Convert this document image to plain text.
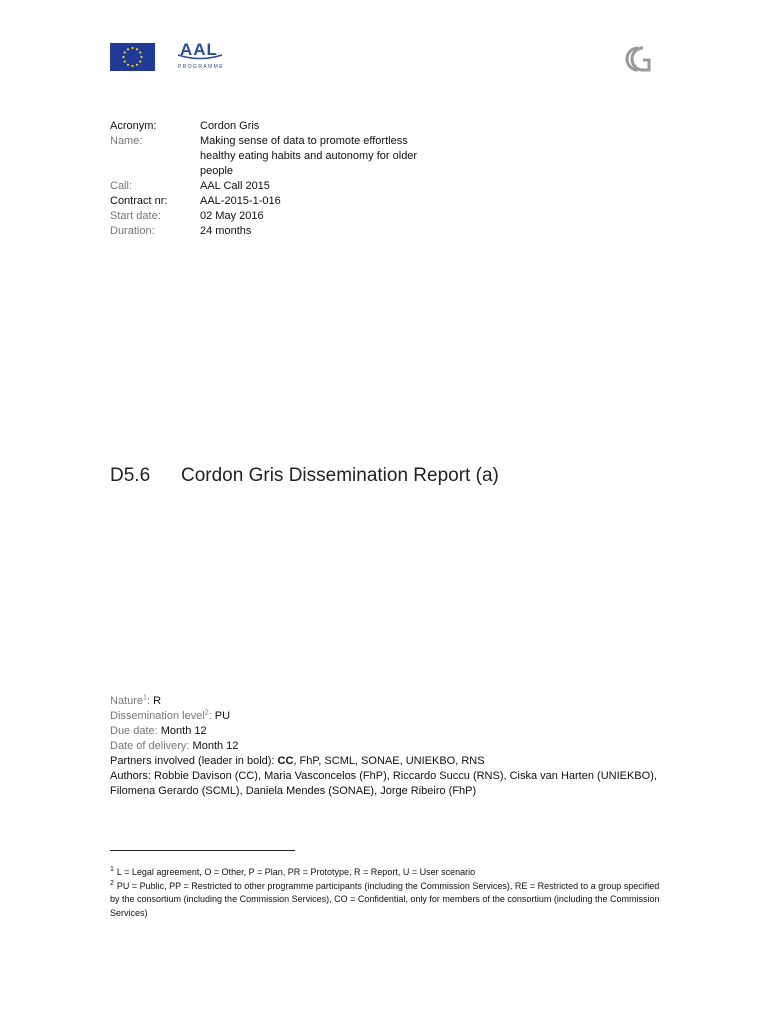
AAL
PROGRAMME
Acronym:	Cordon Gris
Name:	Making sense of data to promote effortless healthy eating habits and autonomy for older people
Call:	AAL Call 2015
Contract nr:	AAL-2015-1-016
Start date:	02 May 2016
Duration:	24 months
D5.6	Cordon Gris Dissemination Report (a)
Nature$^1$: R
Dissemination level$^2$: PU
Due date: Month 12
Date of delivery: Month 12
Partners involved (leader in bold): CC, FhP, SCML, SONAE, UNIEKBO, RNS
Authors: Robbie Davison (CC), Maria Vasconcelos (FhP), Riccardo Succu (RNS), Ciska van Harten (UNIEKBO), Filomena Gerardo (SCML), Daniela Mendes (SONAE), Jorge Ribeiro (FhP)
$^1$ L = Legal agreement, O = Other, P = Plan, PR = Prototype, R = Report, U = User scenario
$^2$ PU = Public, PP = Restricted to other programme participants (including the Commission Services), RE = Restricted to a group specified by the consortium (including the Commission Services), CO = Confidential, only for members of the consortium (including the Commission Services)
